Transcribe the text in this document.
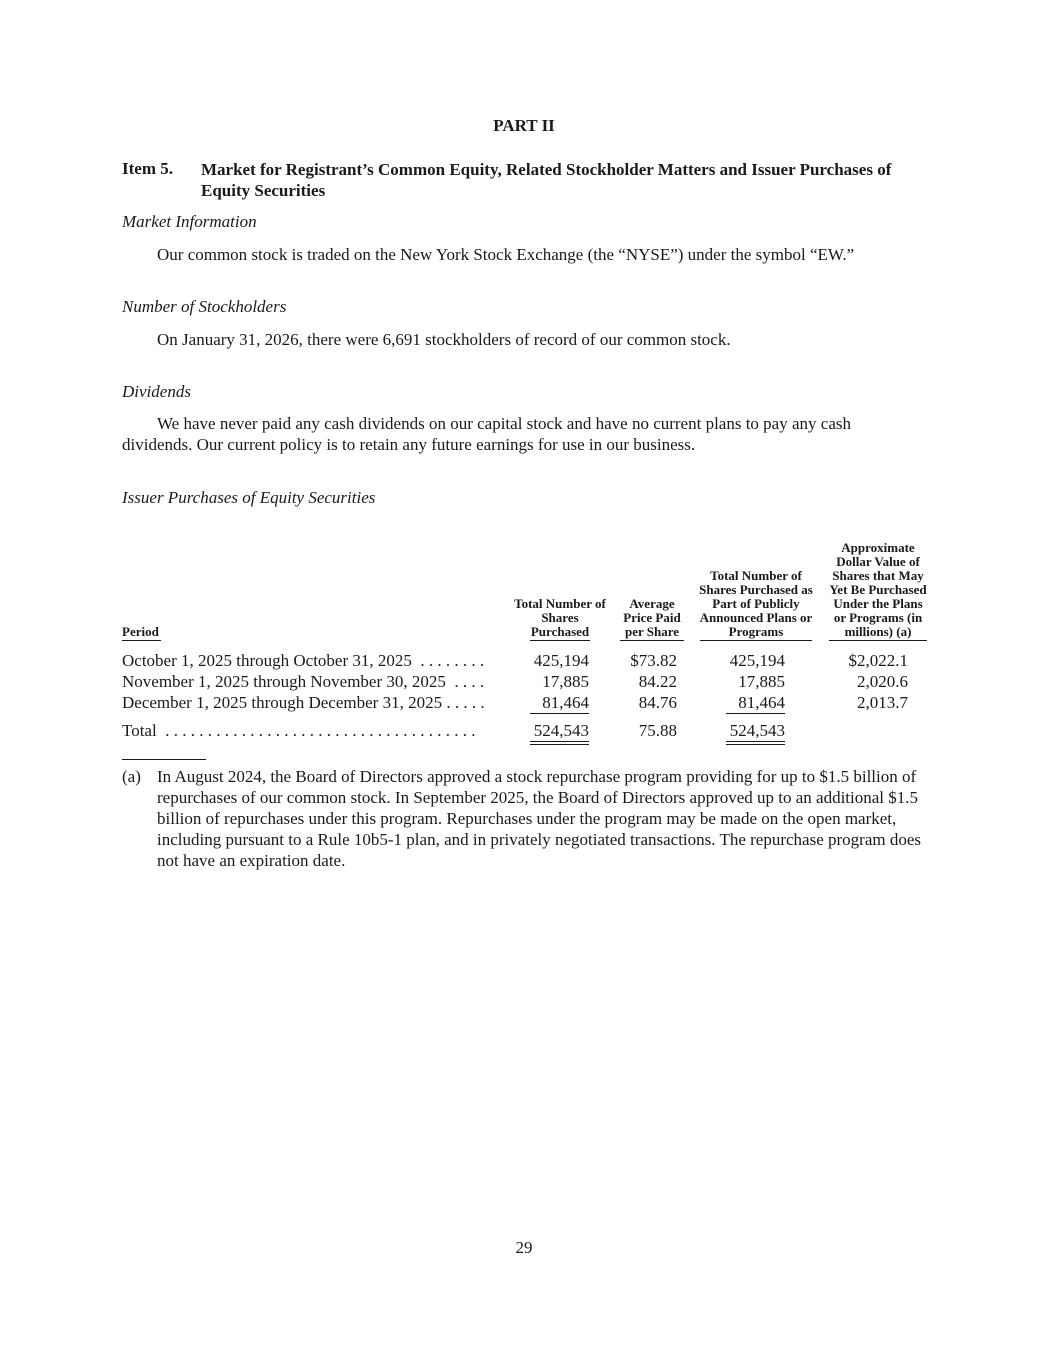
PART II
Item 5. Market for Registrant’s Common Equity, Related Stockholder Matters and Issuer Purchases of Equity Securities
Market Information
Our common stock is traded on the New York Stock Exchange (the “NYSE”) under the symbol “EW.”
Number of Stockholders
On January 31, 2026, there were 6,691 stockholders of record of our common stock.
Dividends
We have never paid any cash dividends on our capital stock and have no current plans to pay any cash dividends. Our current policy is to retain any future earnings for use in our business.
Issuer Purchases of Equity Securities
Period
Total Number of Shares Purchased
Average Price Paid per Share
Total Number of Shares Purchased as Part of Publicly Announced Plans or Programs
Approximate Dollar Value of Shares that May Yet Be Purchased Under the Plans or Programs (in millions) (a)
October 1, 2025 through October 31, 2025 . . . . . . . .	425,194	$73.82	425,194	$2,022.1
November 1, 2025 through November 30, 2025 . . . .	17,885	84.22	17,885	2,020.6
December 1, 2025 through December 31, 2025 . . . . .	81,464	84.76	81,464	2,013.7
Total . . . . . . . . . . . . . . . . . . . . . . . . . . . . . . . . . . . . .	524,543	75.88	524,543
(a) In August 2024, the Board of Directors approved a stock repurchase program providing for up to $1.5 billion of repurchases of our common stock. In September 2025, the Board of Directors approved up to an additional $1.5 billion of repurchases under this program. Repurchases under the program may be made on the open market, including pursuant to a Rule 10b5-1 plan, and in privately negotiated transactions. The repurchase program does not have an expiration date.
29
